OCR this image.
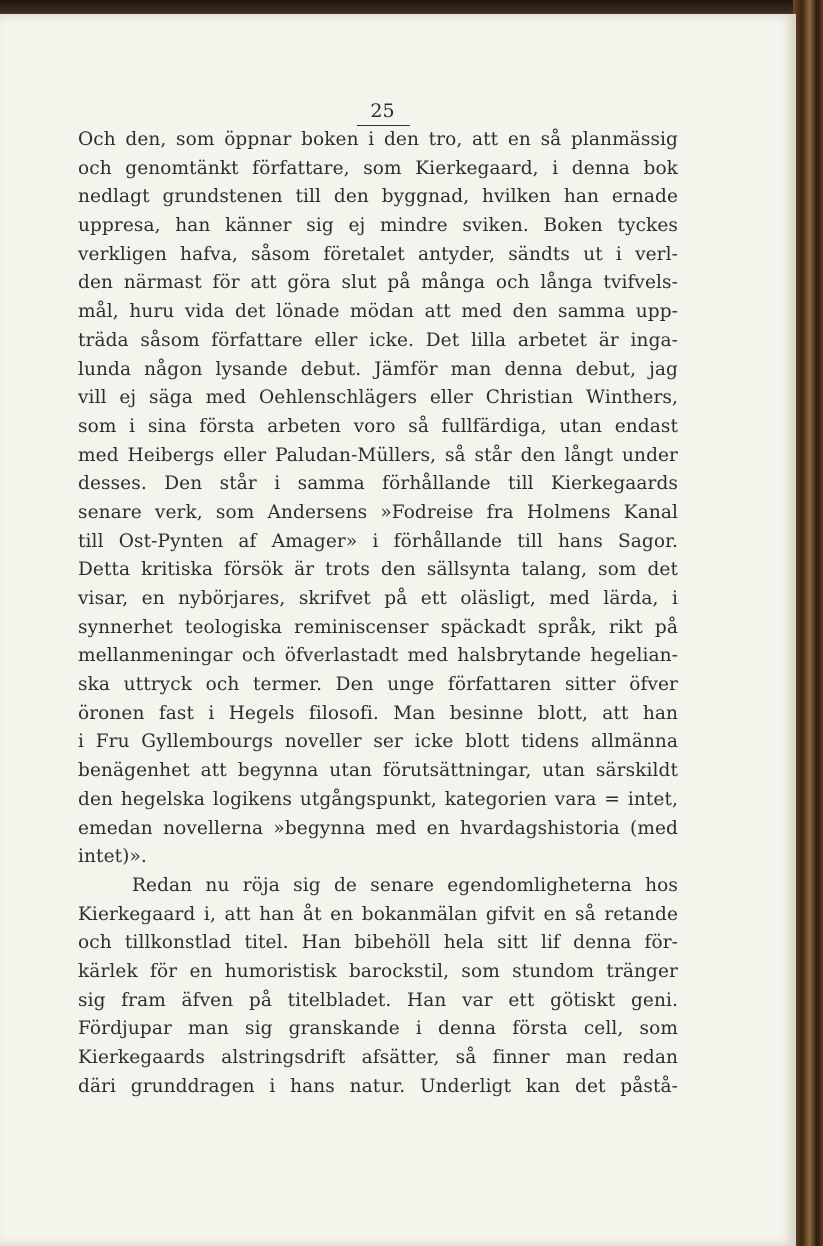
25
Och den, som öppnar boken i den tro, att en så planmässig
och genomtänkt författare, som Kierkegaard, i denna bok
nedlagt grundstenen till den byggnad, hvilken han ernade
uppresa, han känner sig ej mindre sviken. Boken tyckes
verkligen hafva, såsom företalet antyder, sändts ut i verl-
den närmast för att göra slut på många och långa tvifvels-
mål, huru vida det lönade mödan att med den samma upp-
träda såsom författare eller icke. Det lilla arbetet är inga-
lunda någon lysande debut. Jämför man denna debut, jag
vill ej säga med Oehlenschlägers eller Christian Winthers,
som i sina första arbeten voro så fullfärdiga, utan endast
med Heibergs eller Paludan-Müllers, så står den långt under
desses. Den står i samma förhållande till Kierkegaards
senare verk, som Andersens »Fodreise fra Holmens Kanal
till Ost-Pynten af Amager» i förhållande till hans Sagor.
Detta kritiska försök är trots den sällsynta talang, som det
visar, en nybörjares, skrifvet på ett oläsligt, med lärda, i
synnerhet teologiska reminiscenser späckadt språk, rikt på
mellanmeningar och öfverlastadt med halsbrytande hegelian-
ska uttryck och termer. Den unge författaren sitter öfver
öronen fast i Hegels filosofi. Man besinne blott, att han
i Fru Gyllembourgs noveller ser icke blott tidens allmänna
benägenhet att begynna utan förutsättningar, utan särskildt
den hegelska logikens utgångspunkt, kategorien vara = intet,
emedan novellerna »begynna med en hvardagshistoria (med
intet)».
Redan nu röja sig de senare egendomligheterna hos
Kierkegaard i, att han åt en bokanmälan gifvit en så retande
och tillkonstlad titel. Han bibehöll hela sitt lif denna för-
kärlek för en humoristisk barockstil, som stundom tränger
sig fram äfven på titelbladet. Han var ett götiskt geni.
Fördjupar man sig granskande i denna första cell, som
Kierkegaards alstringsdrift afsätter, så finner man redan
däri grunddragen i hans natur. Underligt kan det påstå-
